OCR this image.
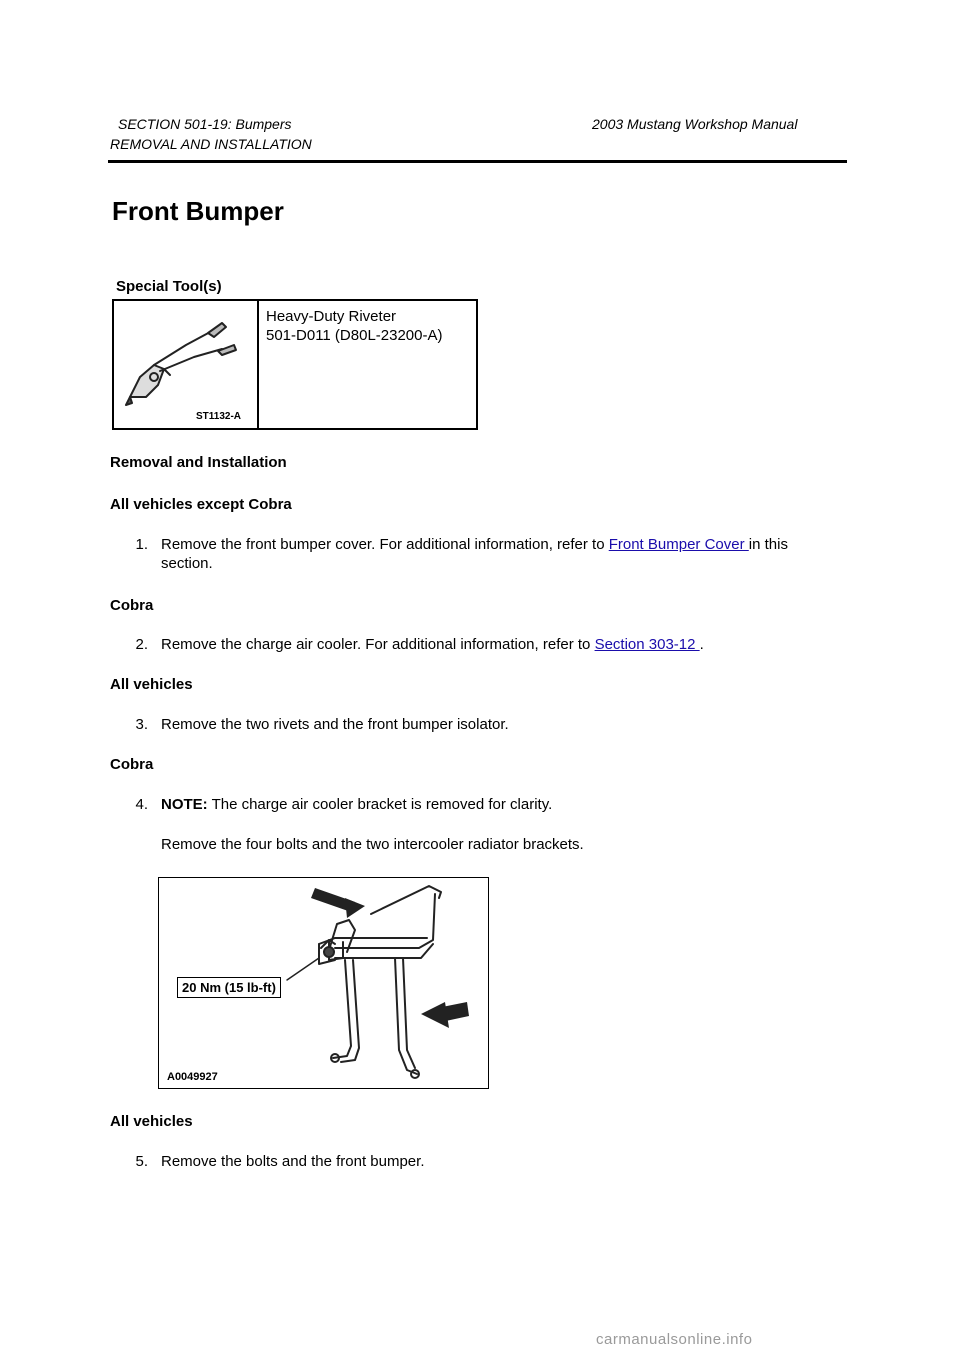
SECTION 501-19: Bumpers	2003 Mustang Workshop Manual
REMOVAL AND INSTALLATION
Front Bumper
Special Tool(s)
ST1132-A
Heavy-Duty Riveter
501-D011 (D80L-23200-A)
Removal and Installation
All vehicles except Cobra
1. Remove the front bumper cover. For additional information, refer to Front Bumper Cover in this
section.
Cobra
2. Remove the charge air cooler. For additional information, refer to Section 303-12 .
All vehicles
3. Remove the two rivets and the front bumper isolator.
Cobra
4. NOTE: The charge air cooler bracket is removed for clarity.
Remove the four bolts and the two intercooler radiator brackets.
20 Nm (15 lb-ft)
A0049927
All vehicles
5. Remove the bolts and the front bumper.
carmanualsonline.info
